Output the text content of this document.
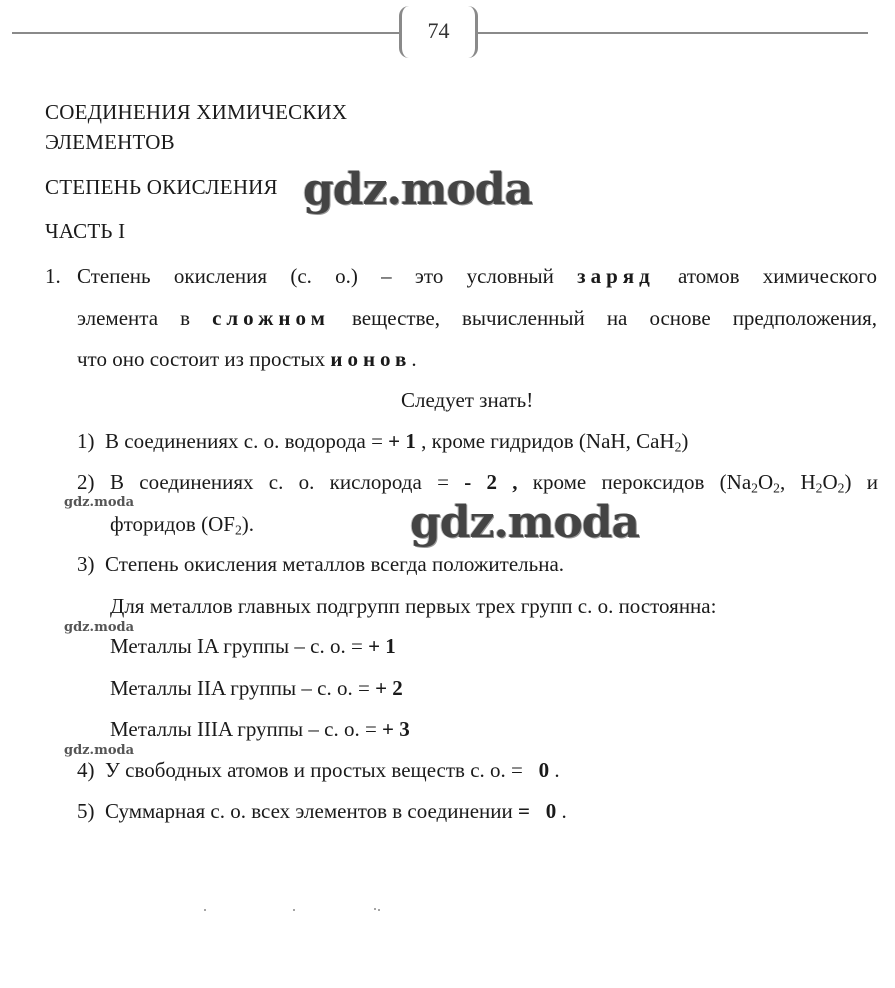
74
СОЕДИНЕНИЯ ХИМИЧЕСКИХ
ЭЛЕМЕНТОВ
СТЕПЕНЬ ОКИСЛЕНИЯ
ЧАСТЬ I
gdz.moda
gdz.moda
gdz.moda
gdz.moda
gdz.moda
1. Степень окисления (с. о.) – это условный заряд атомов химического
элемента в сложном веществе, вычисленный на основе предположения,
что оно состоит из простых ионов.
Следует знать!
1) В соединениях с. о. водорода = + 1 , кроме гидридов (NaH, CaH$_2$)
2) В соединениях с. о. кислорода = - 2 , кроме пероксидов ($Na_2O_2$, $H_2O_2$) и
фторидов $(OF_2)$.
3) Степень окисления металлов всегда положительна.
Для металлов главных подгрупп первых трех групп с. о. постоянна:
Металлы IA группы – с. о. = + 1
Металлы IIA группы – с. о. = + 2
Металлы IIIA группы – с. о. = + 3
4) У свободных атомов и простых веществ с. о. = 0 .
5) Суммарная с. о. всех элементов в соединении = 0 .
